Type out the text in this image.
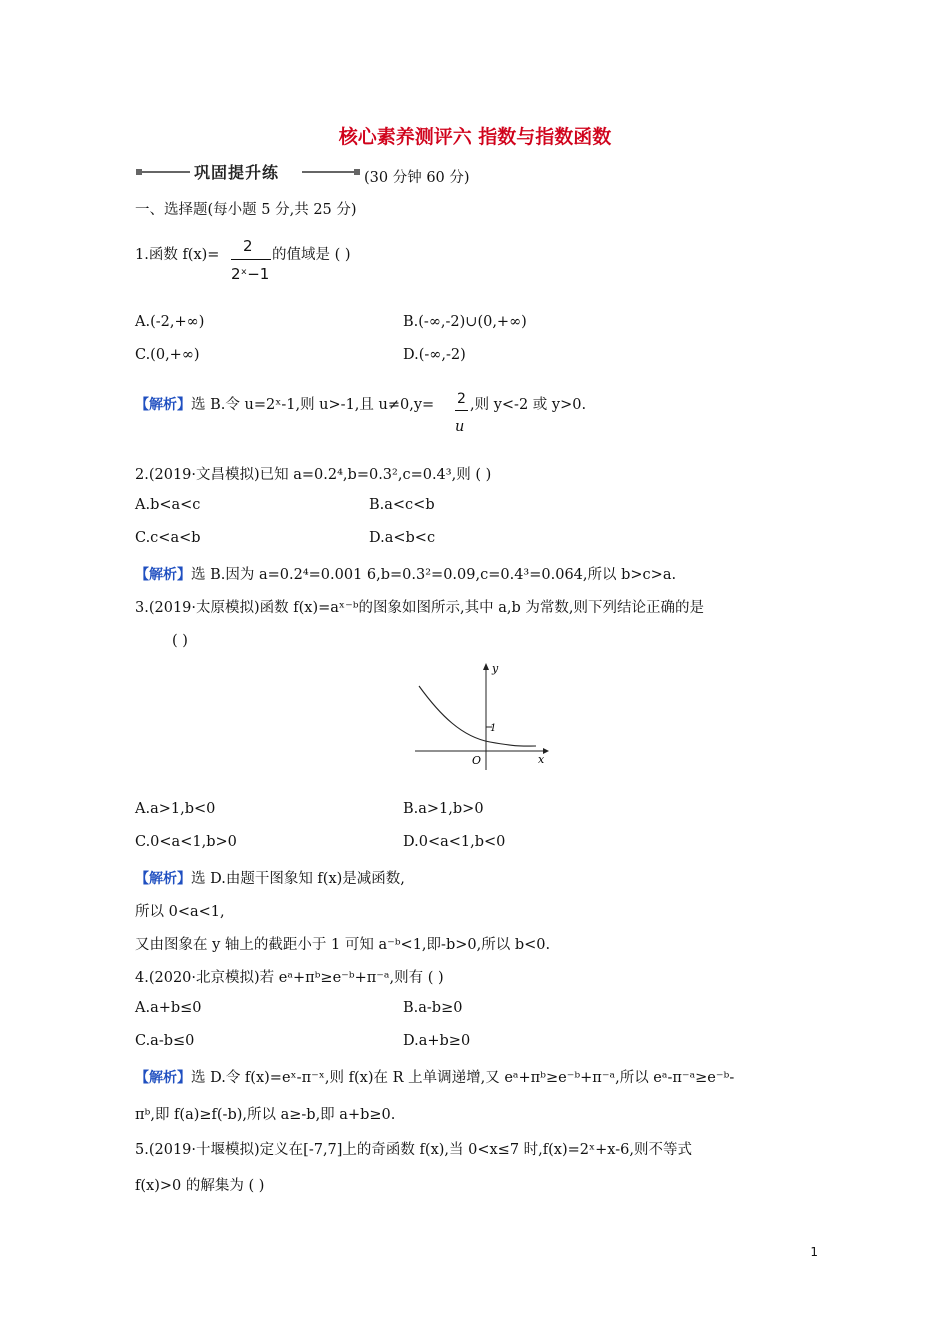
核心素养测评六 指数与指数函数
巩固提升练	(30 分钟 60 分)
一、选择题(每小题 5 分,共 25 分)
1.函数 f(x)= 2
2ˣ−1
的值域是 ( )
A.(-2,+∞)	B.(-∞,-2)∪(0,+∞)
C.(0,+∞)	D.(-∞,-2)
【解析】选 B.令 u=2ˣ-1,则 u>-1,且 u≠0,y= 2
u
,则 y<-2 或 y>0.
2.(2019·文昌模拟)已知 a=0.2⁴,b=0.3²,c=0.4³,则 ( )
A.b<a<c	B.a<c<b
C.c<a<b	D.a<b<c
【解析】选 B.因为 a=0.2⁴=0.001 6,b=0.3²=0.09,c=0.4³=0.064,所以 b>c>a.
3.(2019·太原模拟)函数 f(x)=aˣ⁻ᵇ的图象如图所示,其中 a,b 为常数,则下列结论正确的是
( )
y
x
O
1
A.a>1,b<0	B.a>1,b>0
C.0<a<1,b>0	D.0<a<1,b<0
【解析】选 D.由题干图象知 f(x)是减函数,
所以 0<a<1,
又由图象在 y 轴上的截距小于 1 可知 a⁻ᵇ<1,即-b>0,所以 b<0.
4.(2020·北京模拟)若 eᵃ+πᵇ≥e⁻ᵇ+π⁻ᵃ,则有 ( )
A.a+b≤0	B.a-b≥0
C.a-b≤0	D.a+b≥0
【解析】选 D.令 f(x)=eˣ-π⁻ˣ,则 f(x)在 R 上单调递增,又 eᵃ+πᵇ≥e⁻ᵇ+π⁻ᵃ,所以 eᵃ-π⁻ᵃ≥e⁻ᵇ-
πᵇ,即 f(a)≥f(-b),所以 a≥-b,即 a+b≥0.
5.(2019·十堰模拟)定义在[-7,7]上的奇函数 f(x),当 0<x≤7 时,f(x)=2ˣ+x-6,则不等式
f(x)>0 的解集为 ( )
1
